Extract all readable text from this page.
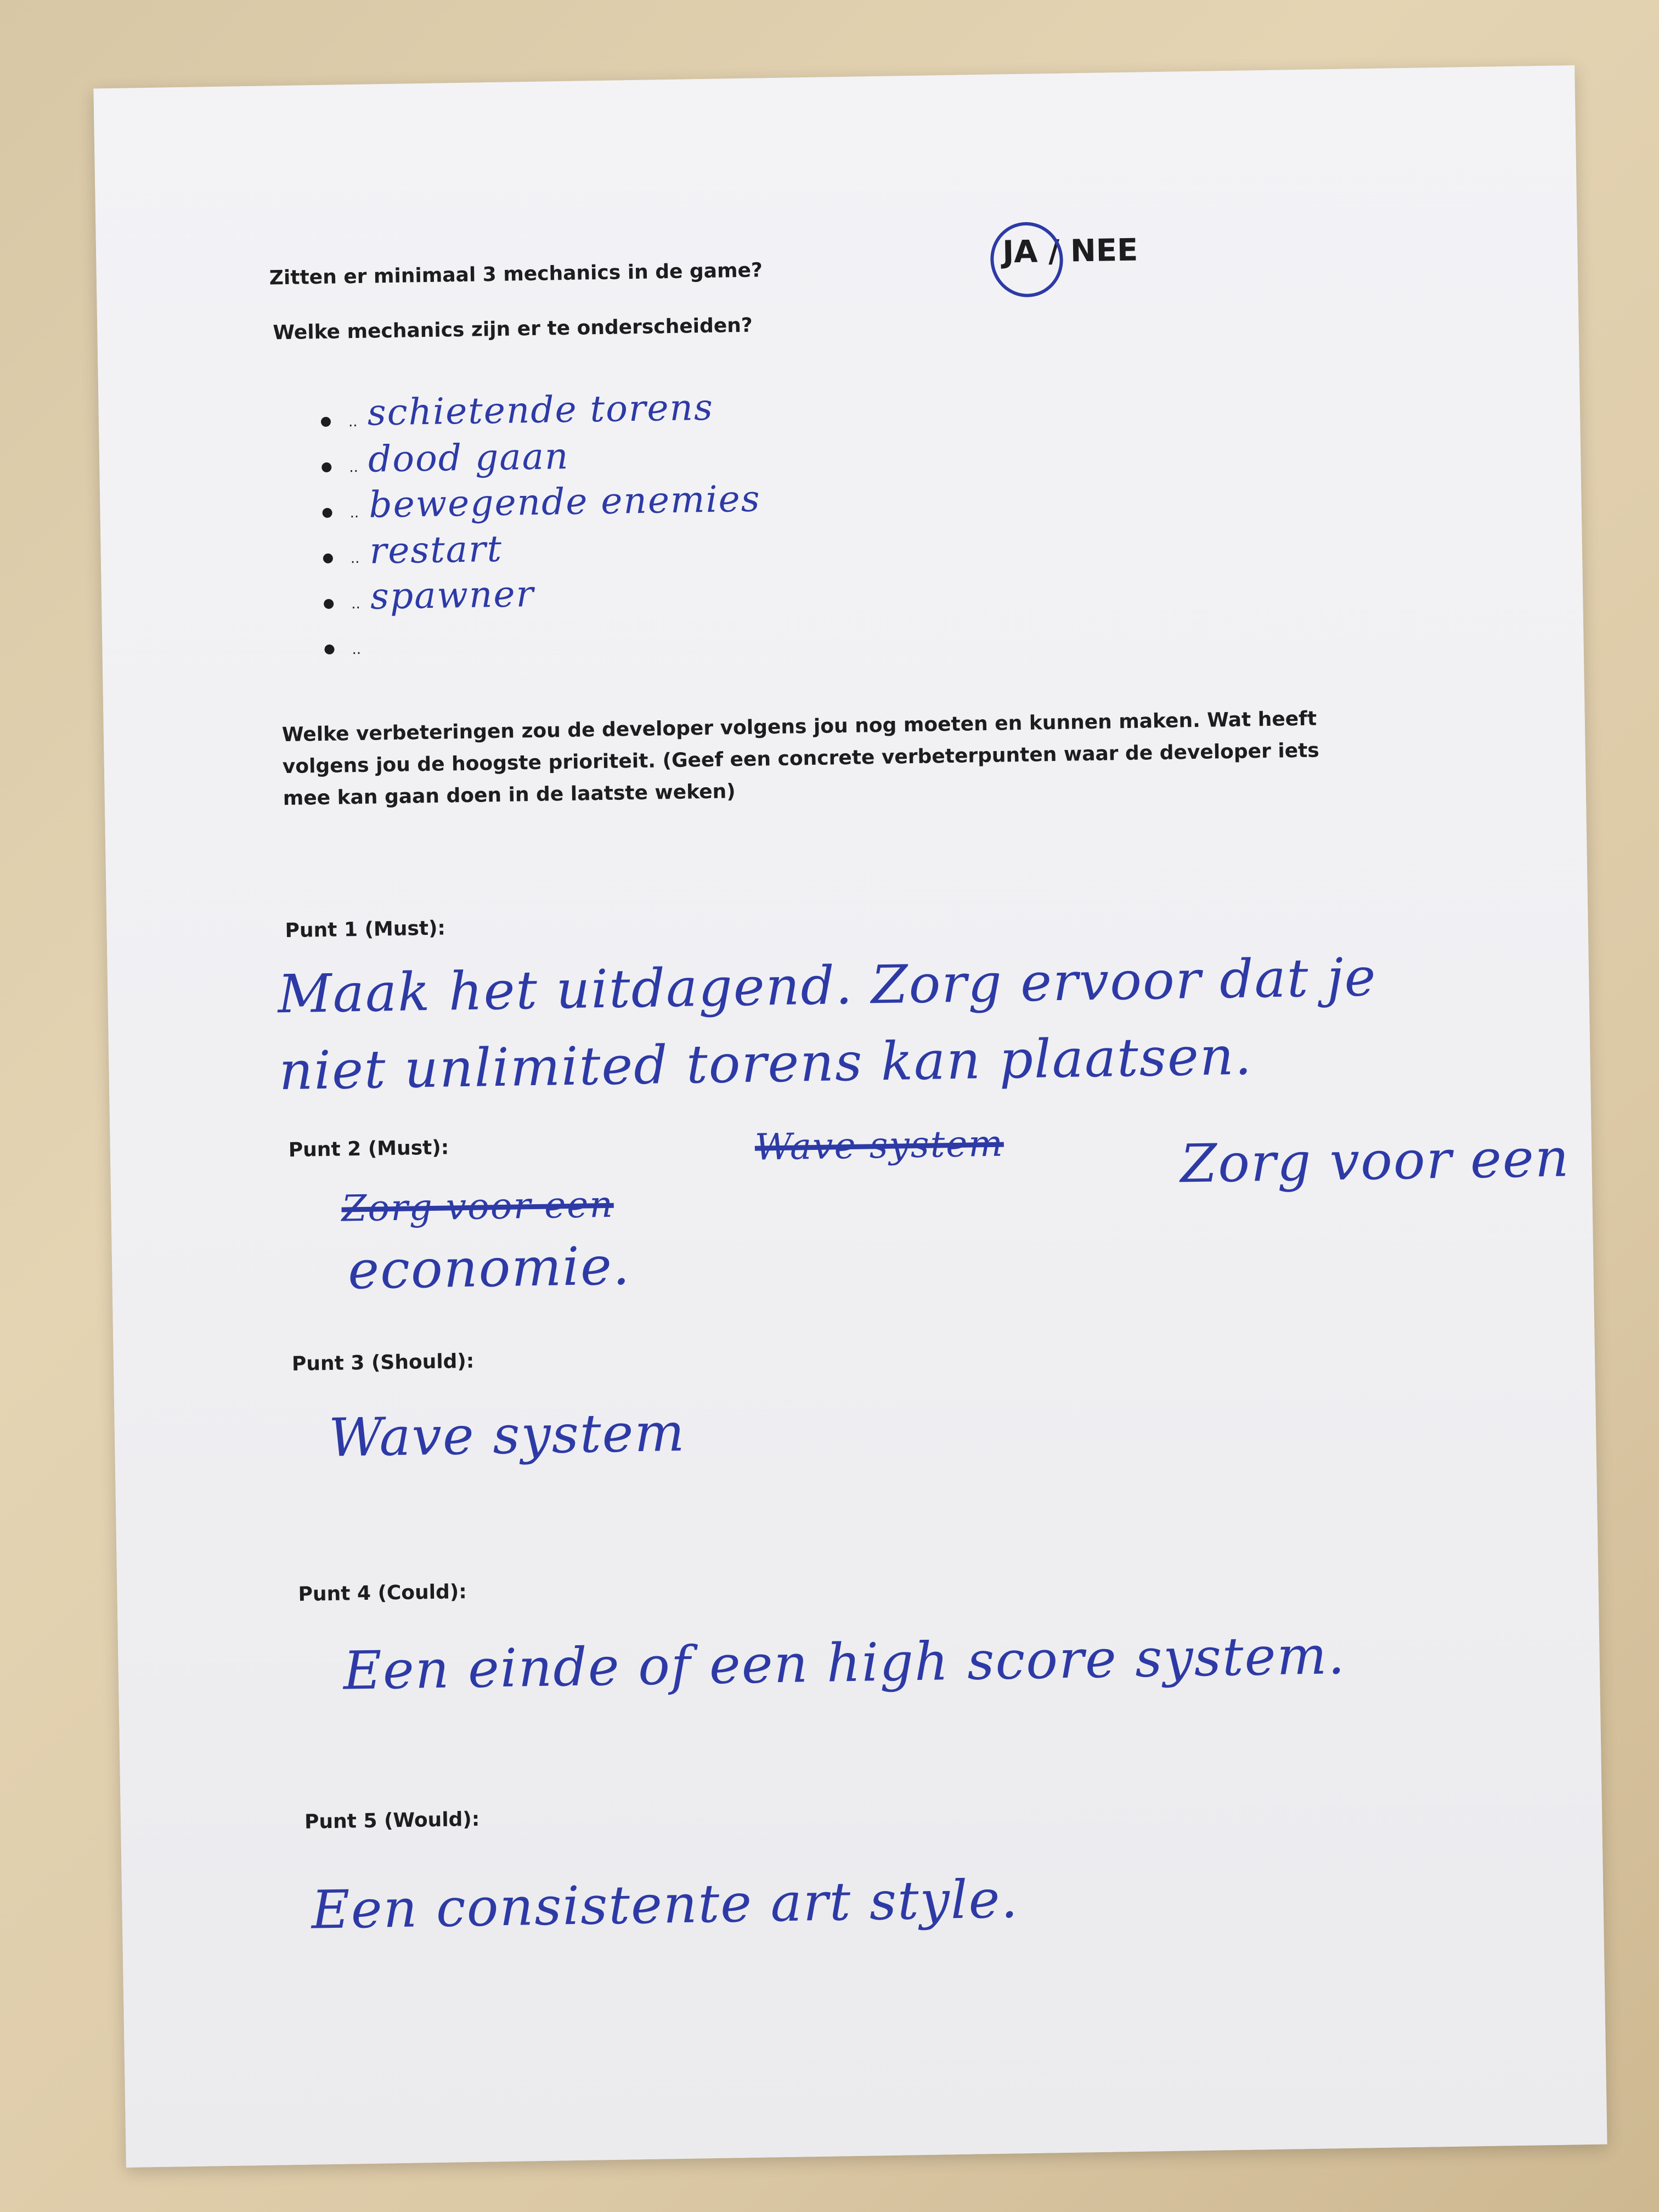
Zitten er minimaal 3 mechanics in de game?
JA / NEE
Welke mechanics zijn er te onderscheiden?
..
..
..
..
..
..
schietende torens
dood gaan
bewegende enemies
restart
spawner
Welke verbeteringen zou de developer volgens jou nog moeten en kunnen maken. Wat heeft volgens jou de hoogste prioriteit. (Geef een concrete verbeterpunten waar de developer iets mee kan gaan doen in de laatste weken)
Punt 1 (Must):
Maak het uitdagend. Zorg ervoor dat je
niet unlimited torens kan plaatsen.
Punt 2 (Must):	Wave system	Zorg voor een
Zorg voor een
economie.
Punt 3 (Should):
Wave system
Punt 4 (Could):
Een einde of een high score system.
Punt 5 (Would):
Een consistente art style.
